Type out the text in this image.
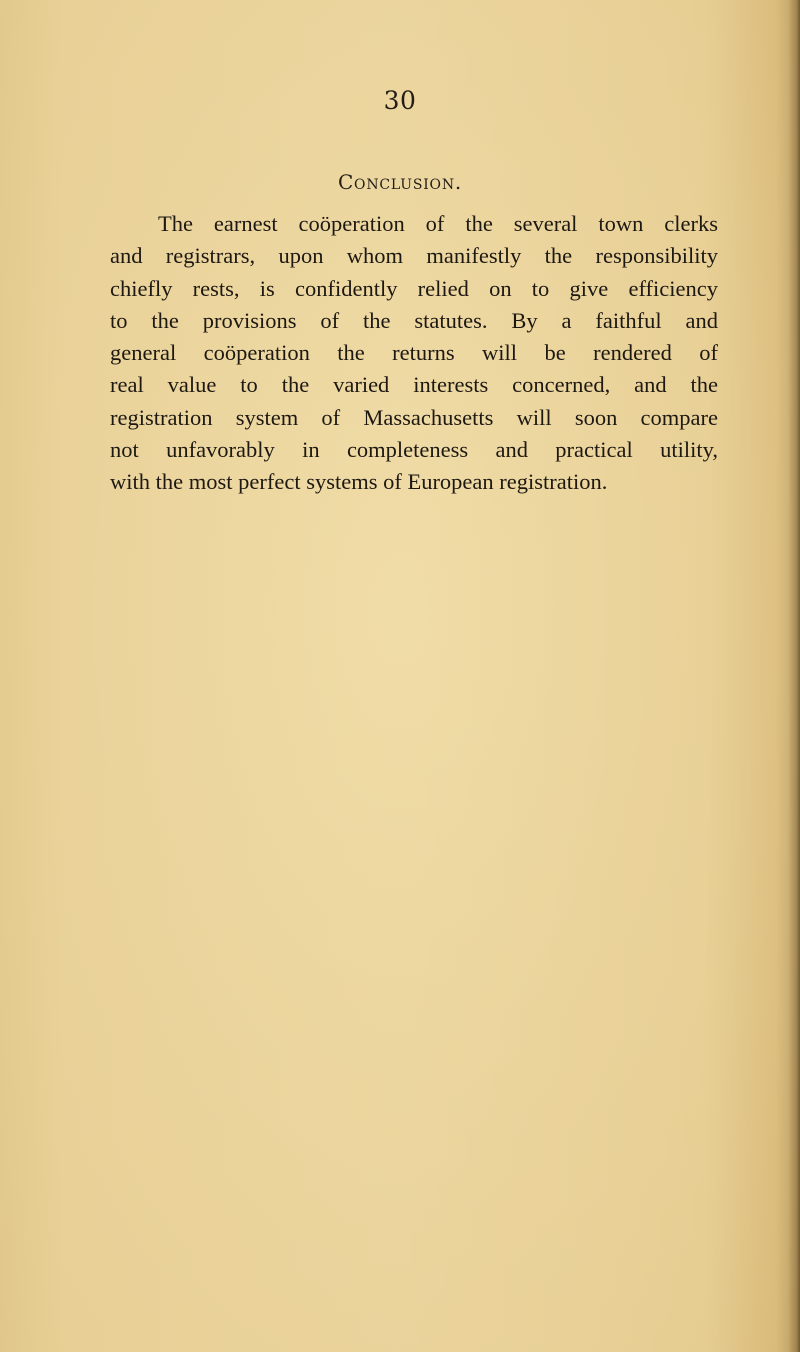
30
Conclusion.
The earnest coöperation of the several town clerks
and registrars, upon whom manifestly the responsibility
chiefly rests, is confidently relied on to give efficiency
to the provisions of the statutes. By a faithful and
general coöperation the returns will be rendered of
real value to the varied interests concerned, and the
registration system of Massachusetts will soon compare
not unfavorably in completeness and practical utility,
with the most perfect systems of European registration.
